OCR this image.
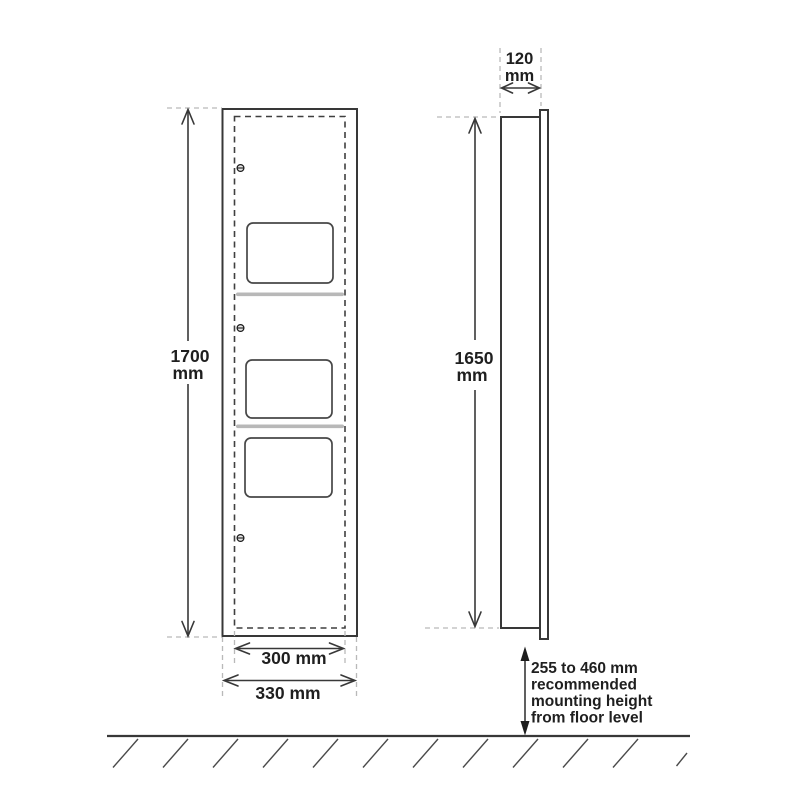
1700
mm
300 mm
330 mm
120
mm
1650
mm
255 to 460 mm
recommended
mounting height
from floor level
